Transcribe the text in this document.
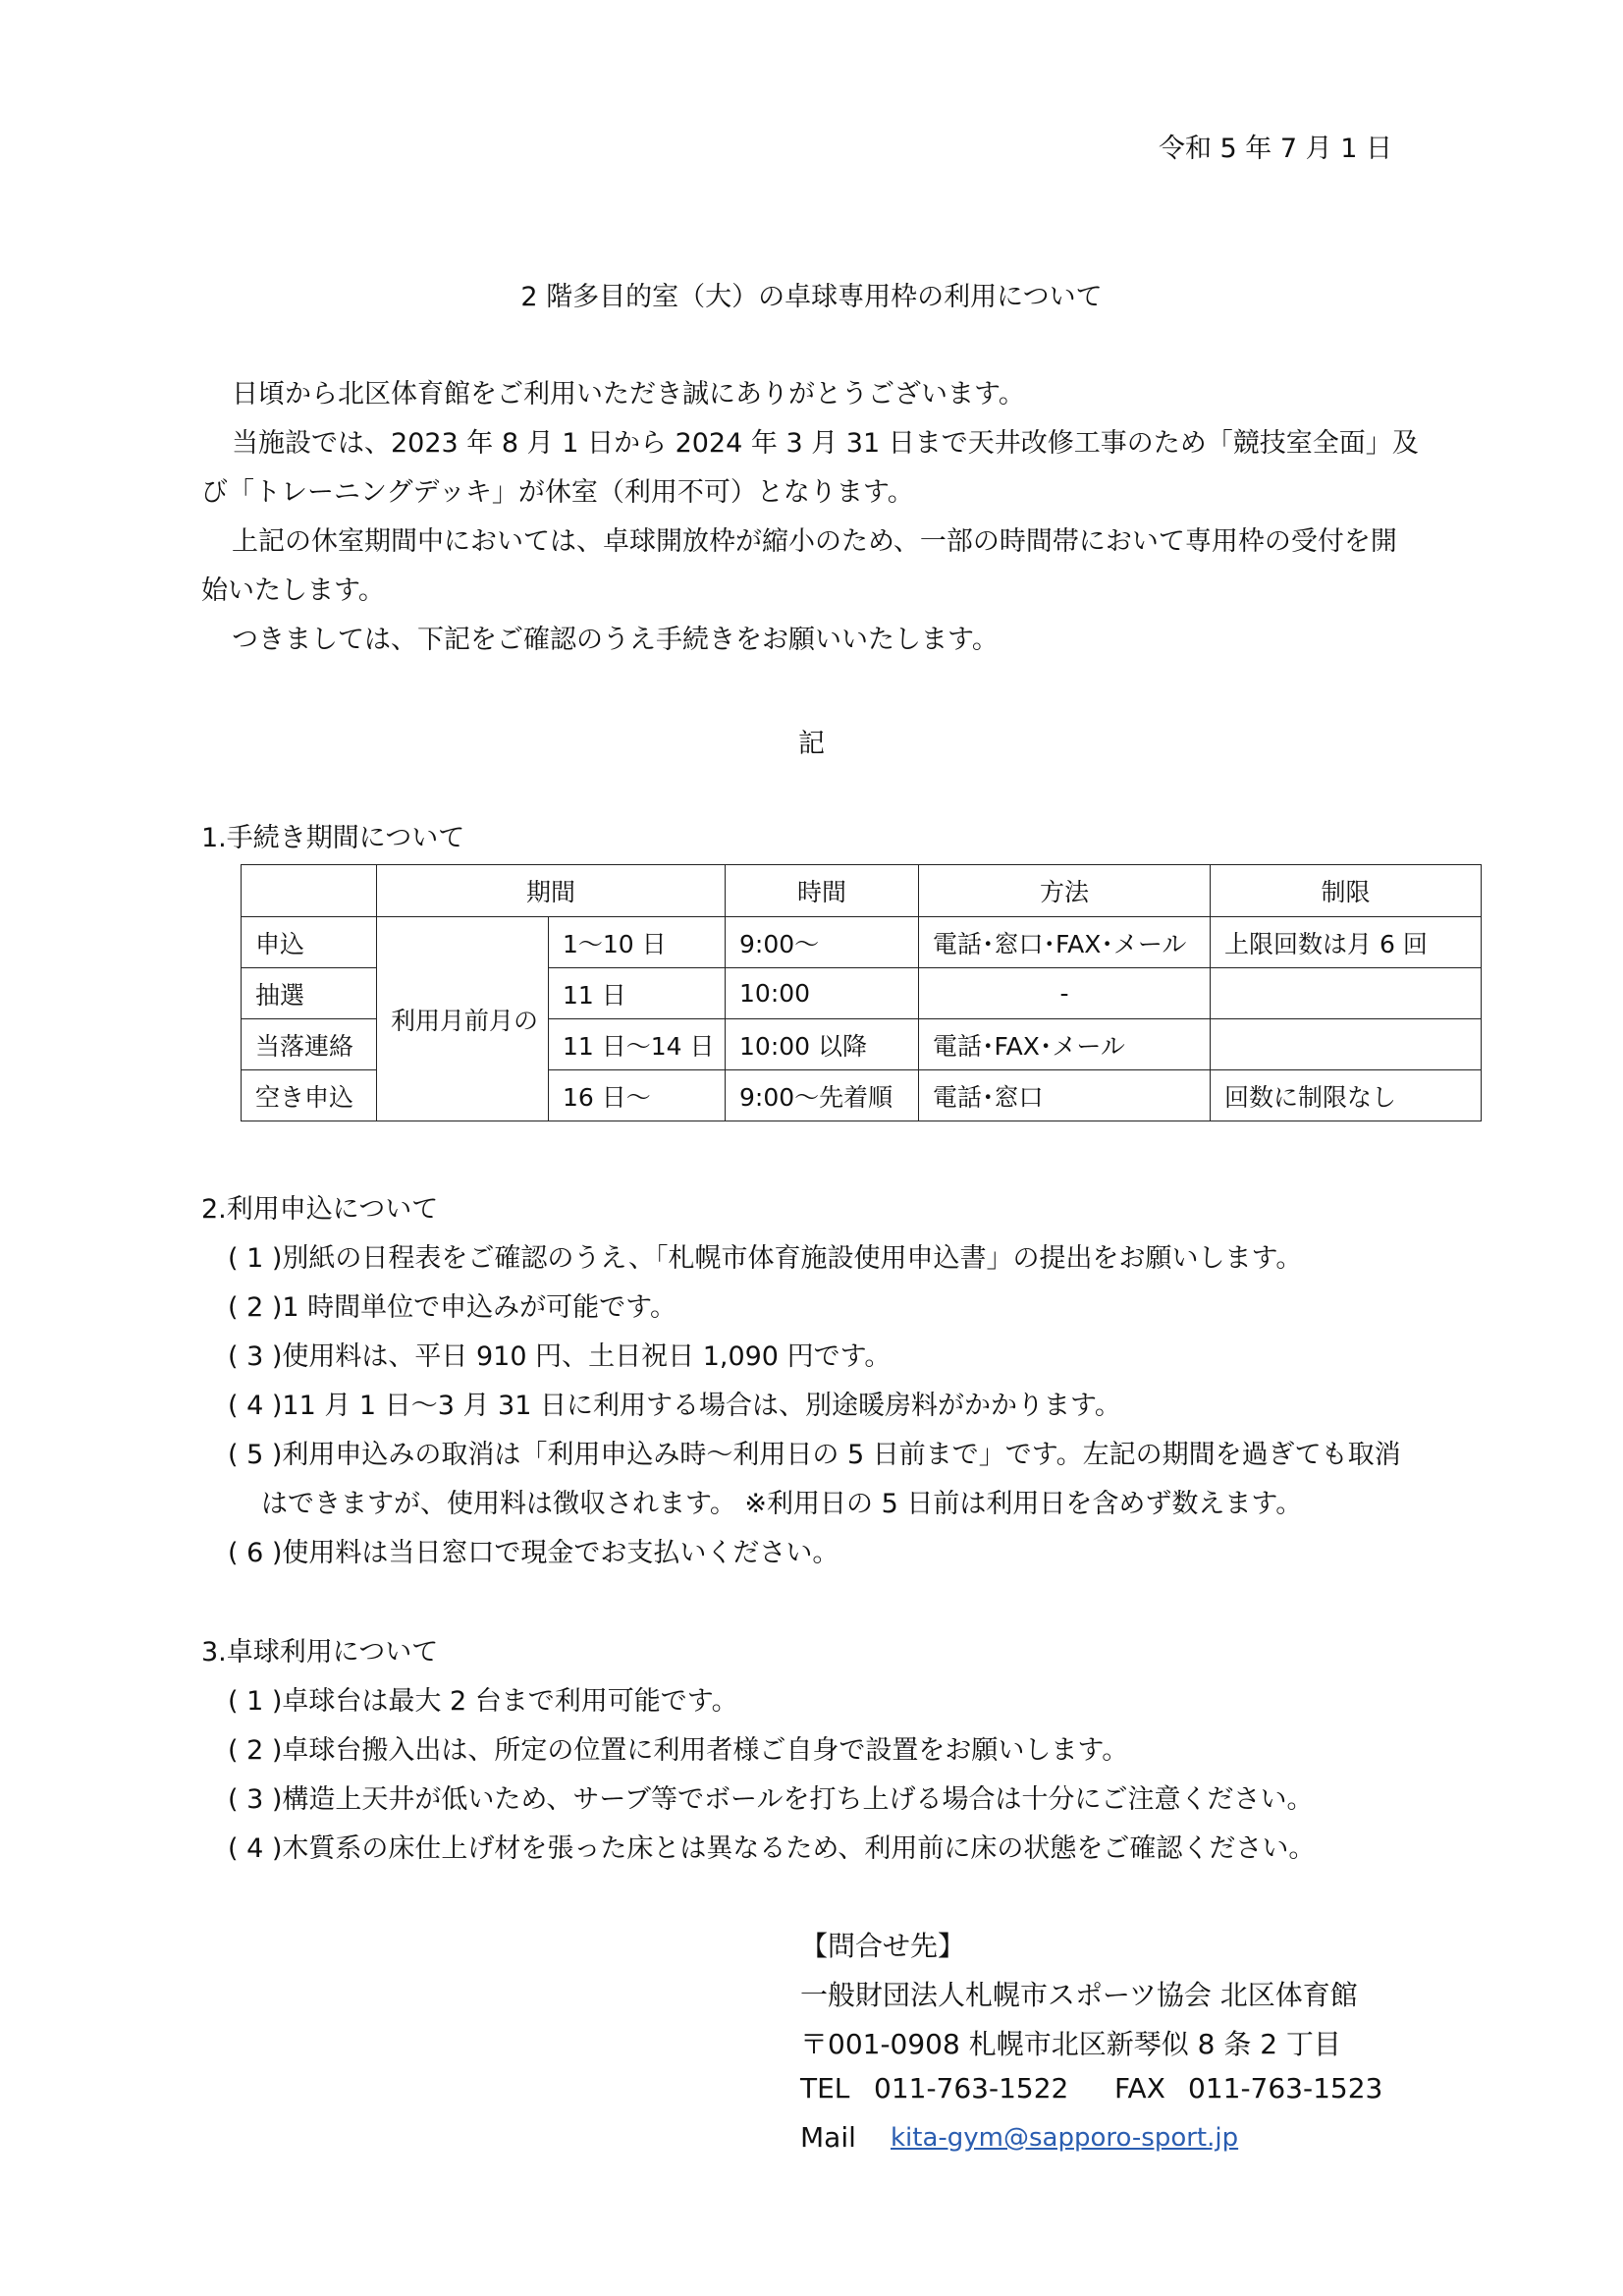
令和 5 年 7 月 1 日
2 階多目的室（大）の卓球専用枠の利用について
日頃から北区体育館をご利用いただき誠にありがとうございます。
当施設では、2023 年 8 月 1 日から 2024 年 3 月 31 日まで天井改修工事のため「競技室全面」及
び「トレーニングデッキ」が休室（利用不可）となります。
上記の休室期間中においては、卓球開放枠が縮小のため、一部の時間帯において専用枠の受付を開
始いたします。
つきましては、下記をご確認のうえ手続きをお願いいたします。
記
1.手続き期間について
	期間		時間	方法	制限
申込	利用月前月の	1～10 日	9:00～	電話･窓口･FAX･メール	上限回数は月 6 回
抽選		11 日	10:00	-	
当落連絡		11 日～14 日	10:00 以降	電話･FAX･メール	
空き申込		16 日～	9:00～先着順	電話･窓口	回数に制限なし
2.利用申込について
( 1 )別紙の日程表をご確認のうえ、「札幌市体育施設使用申込書」の提出をお願いします。
( 2 )1 時間単位で申込みが可能です。
( 3 )使用料は、平日 910 円、土日祝日 1,090 円です。
( 4 )11 月 1 日～3 月 31 日に利用する場合は、別途暖房料がかかります。
( 5 )利用申込みの取消は「利用申込み時～利用日の 5 日前まで」です。左記の期間を過ぎても取消
はできますが、使用料は徴収されます。 ※利用日の 5 日前は利用日を含めず数えます。
( 6 )使用料は当日窓口で現金でお支払いください。
3.卓球利用について
( 1 )卓球台は最大 2 台まで利用可能です。
( 2 )卓球台搬入出は、所定の位置に利用者様ご自身で設置をお願いします。
( 3 )構造上天井が低いため、サーブ等でボールを打ち上げる場合は十分にご注意ください。
( 4 )木質系の床仕上げ材を張った床とは異なるため、利用前に床の状態をご確認ください。
【問合せ先】
一般財団法人札幌市スポーツ協会 北区体育館
〒001-0908 札幌市北区新琴似 8 条 2 丁目
TEL 011-763-1522 FAX 011-763-1523
Mail kita-gym@sapporo-sport.jp
